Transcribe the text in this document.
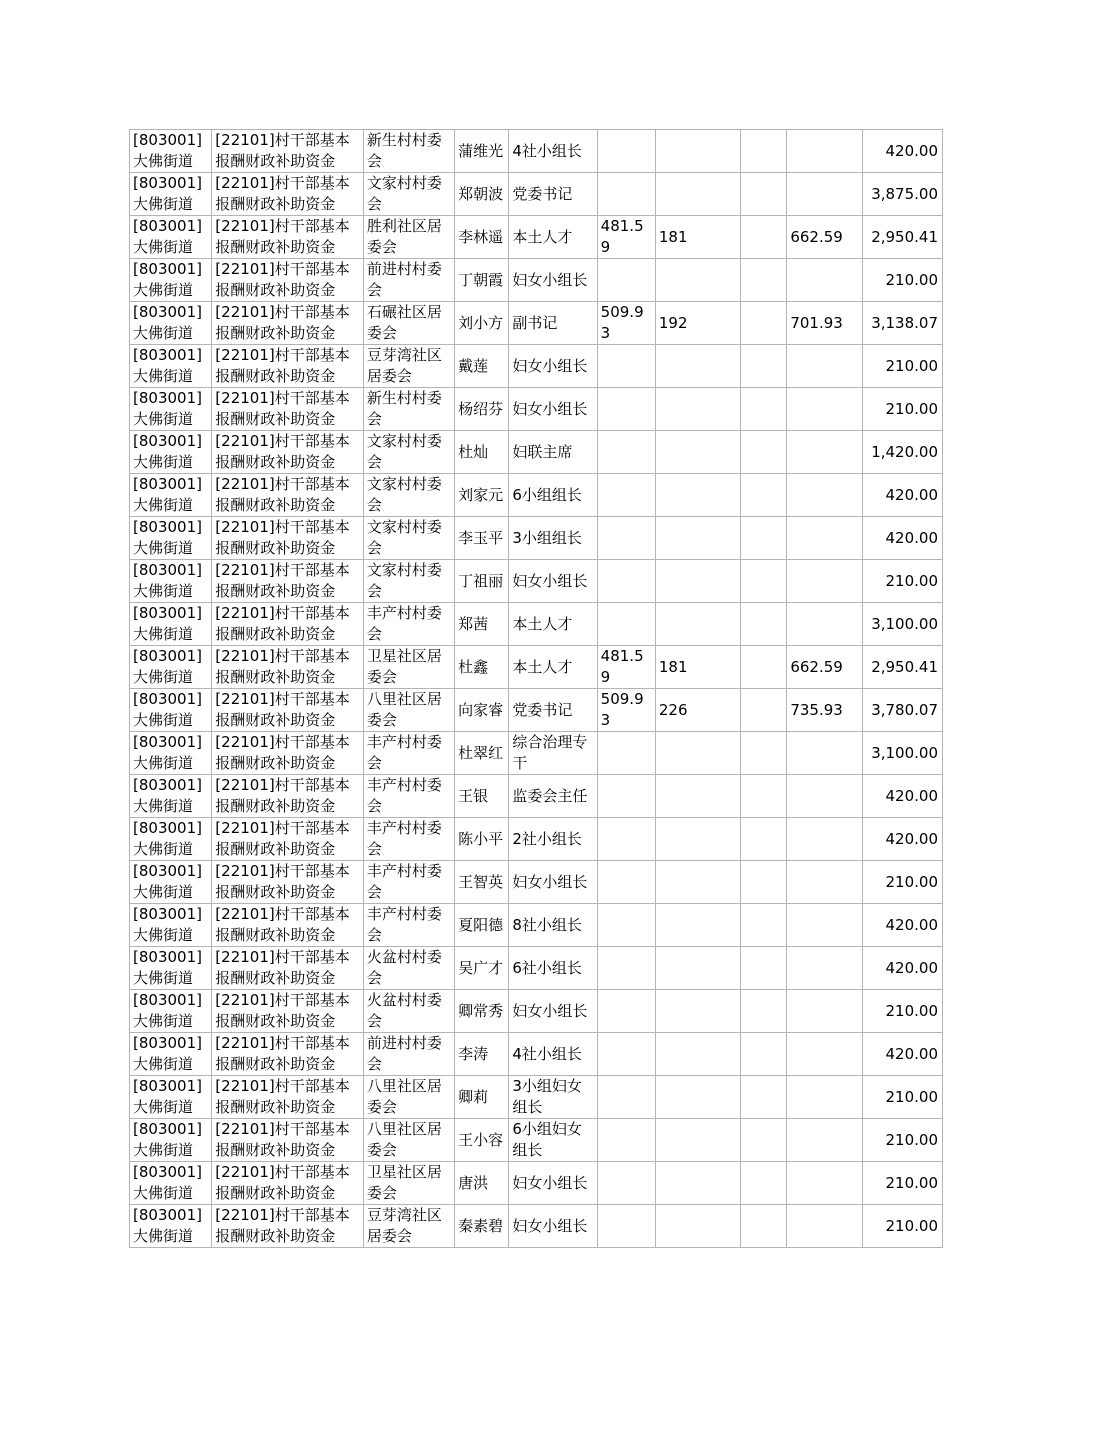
[803001]大佛街道	[22101]村干部基本报酬财政补助资金	新生村村委会	蒲维光	4社小组长					420.00
[803001]大佛街道	[22101]村干部基本报酬财政补助资金	文家村村委会	郑朝波	党委书记					3,875.00
[803001]大佛街道	[22101]村干部基本报酬财政补助资金	胜利社区居委会	李林遥	本土人才	481.59	181		662.59	2,950.41
[803001]大佛街道	[22101]村干部基本报酬财政补助资金	前进村村委会	丁朝霞	妇女小组长					210.00
[803001]大佛街道	[22101]村干部基本报酬财政补助资金	石碾社区居委会	刘小方	副书记	509.93	192		701.93	3,138.07
[803001]大佛街道	[22101]村干部基本报酬财政补助资金	豆芽湾社区居委会	戴莲	妇女小组长					210.00
[803001]大佛街道	[22101]村干部基本报酬财政补助资金	新生村村委会	杨绍芬	妇女小组长					210.00
[803001]大佛街道	[22101]村干部基本报酬财政补助资金	文家村村委会	杜灿	妇联主席					1,420.00
[803001]大佛街道	[22101]村干部基本报酬财政补助资金	文家村村委会	刘家元	6小组组长					420.00
[803001]大佛街道	[22101]村干部基本报酬财政补助资金	文家村村委会	李玉平	3小组组长					420.00
[803001]大佛街道	[22101]村干部基本报酬财政补助资金	文家村村委会	丁祖丽	妇女小组长					210.00
[803001]大佛街道	[22101]村干部基本报酬财政补助资金	丰产村村委会	郑茜	本土人才					3,100.00
[803001]大佛街道	[22101]村干部基本报酬财政补助资金	卫星社区居委会	杜鑫	本土人才	481.59	181		662.59	2,950.41
[803001]大佛街道	[22101]村干部基本报酬财政补助资金	八里社区居委会	向家睿	党委书记	509.93	226		735.93	3,780.07
[803001]大佛街道	[22101]村干部基本报酬财政补助资金	丰产村村委会	杜翠红	综合治理专干					3,100.00
[803001]大佛街道	[22101]村干部基本报酬财政补助资金	丰产村村委会	王银	监委会主任					420.00
[803001]大佛街道	[22101]村干部基本报酬财政补助资金	丰产村村委会	陈小平	2社小组长					420.00
[803001]大佛街道	[22101]村干部基本报酬财政补助资金	丰产村村委会	王智英	妇女小组长					210.00
[803001]大佛街道	[22101]村干部基本报酬财政补助资金	丰产村村委会	夏阳德	8社小组长					420.00
[803001]大佛街道	[22101]村干部基本报酬财政补助资金	火盆村村委会	吴广才	6社小组长					420.00
[803001]大佛街道	[22101]村干部基本报酬财政补助资金	火盆村村委会	卿常秀	妇女小组长					210.00
[803001]大佛街道	[22101]村干部基本报酬财政补助资金	前进村村委会	李涛	4社小组长					420.00
[803001]大佛街道	[22101]村干部基本报酬财政补助资金	八里社区居委会	卿莉	3小组妇女组长					210.00
[803001]大佛街道	[22101]村干部基本报酬财政补助资金	八里社区居委会	王小容	6小组妇女组长					210.00
[803001]大佛街道	[22101]村干部基本报酬财政补助资金	卫星社区居委会	唐洪	妇女小组长					210.00
[803001]大佛街道	[22101]村干部基本报酬财政补助资金	豆芽湾社区居委会	秦素碧	妇女小组长					210.00
